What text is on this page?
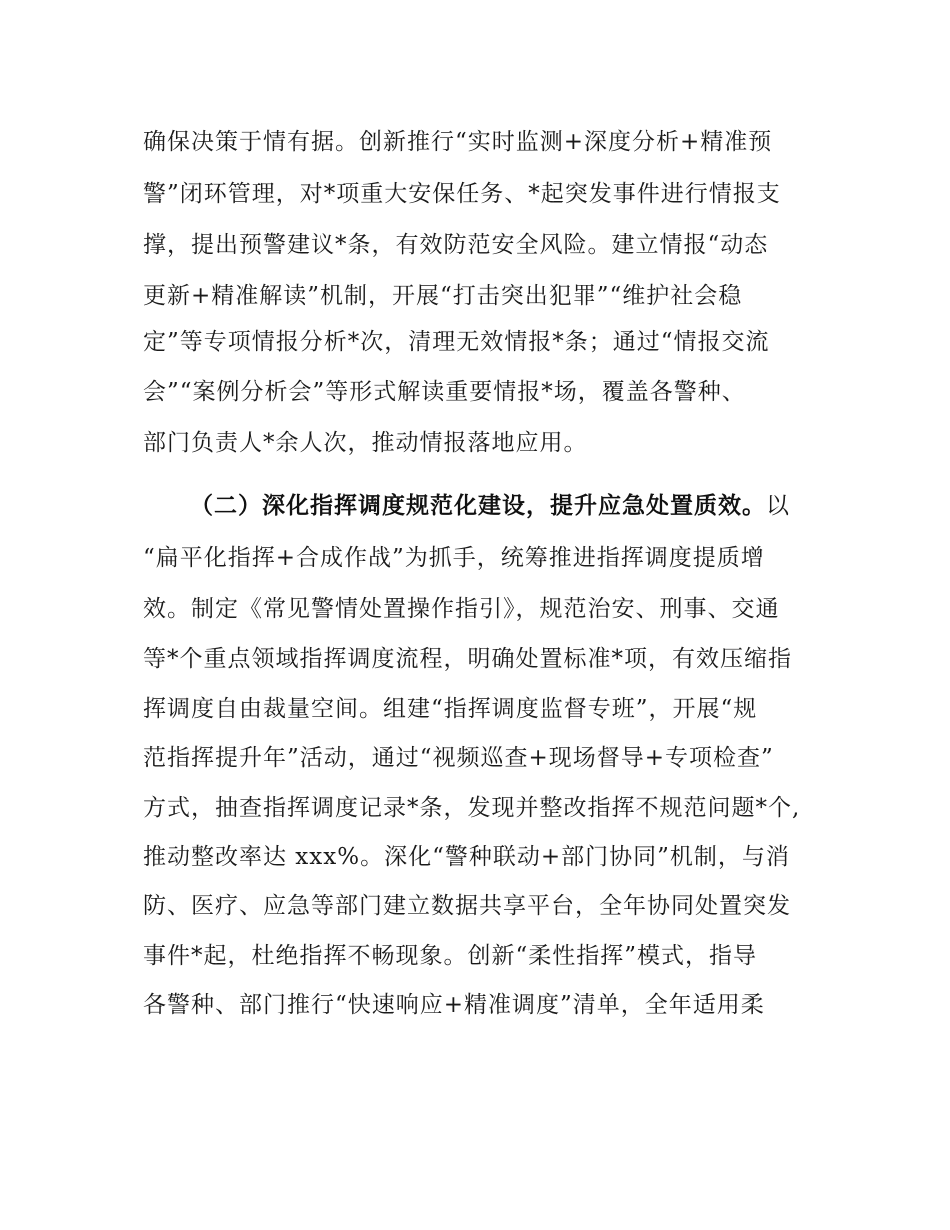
确保决策于情有据。创新推行“实时监测+深度分析+精准预
警”闭环管理，对*项重大安保任务、*起突发事件进行情报支
撑，提出预警建议*条，有效防范安全风险。建立情报“动态
更新+精准解读”机制，开展“打击突出犯罪”“维护社会稳
定”等专项情报分析*次，清理无效情报*条；通过“情报交流
会”“案例分析会”等形式解读重要情报*场，覆盖各警种、
部门负责人*余人次，推动情报落地应用。
（二）深化指挥调度规范化建设，提升应急处置质效。以
“扁平化指挥+合成作战”为抓手，统筹推进指挥调度提质增
效。制定《常见警情处置操作指引》，规范治安、刑事、交通
等*个重点领域指挥调度流程，明确处置标准*项，有效压缩指
挥调度自由裁量空间。组建“指挥调度监督专班”，开展“规
范指挥提升年”活动，通过“视频巡查+现场督导+专项检查”
方式，抽查指挥调度记录*条，发现并整改指挥不规范问题*个,
推动整改率达 xxx%。深化“警种联动+部门协同”机制，与消
防、医疗、应急等部门建立数据共享平台，全年协同处置突发
事件*起，杜绝指挥不畅现象。创新“柔性指挥”模式，指导
各警种、部门推行“快速响应+精准调度”清单，全年适用柔
